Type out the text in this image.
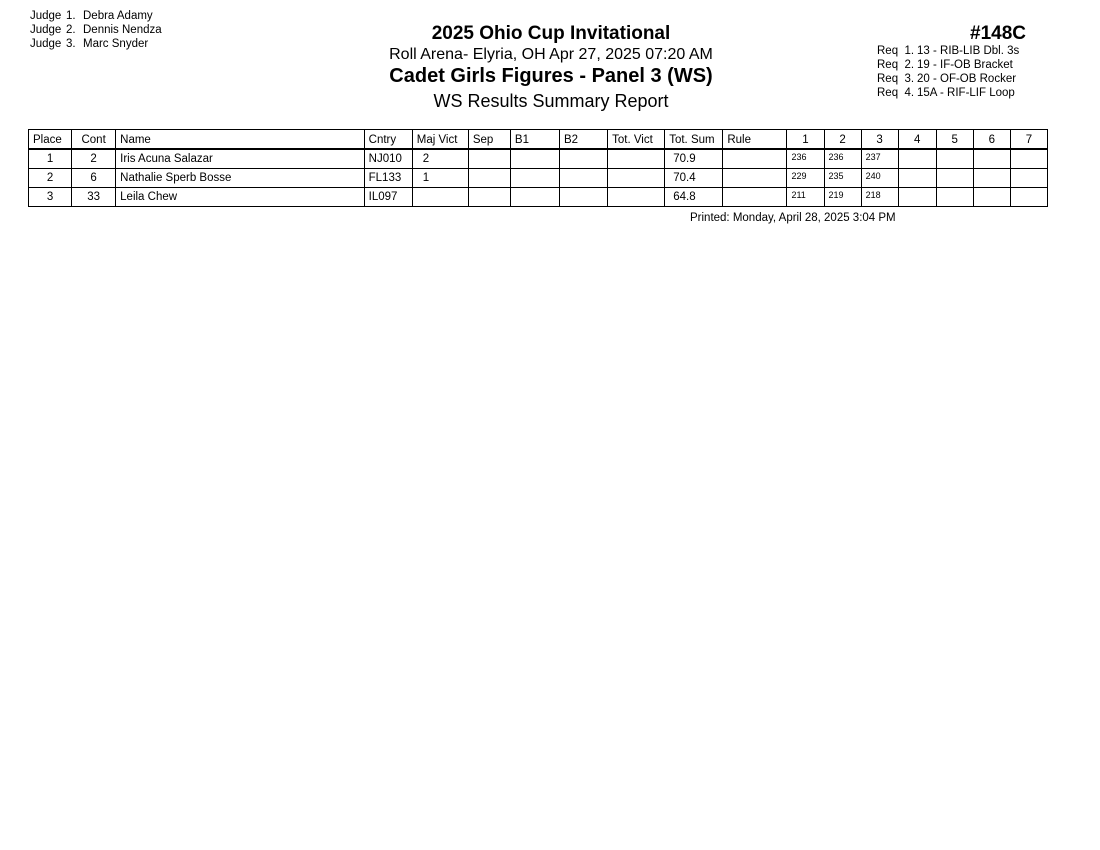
Judge 1. Debra Adamy
Judge 2. Dennis Nendza
Judge 3. Marc Snyder	2025 Ohio Cup Invitational
Roll Arena- Elyria, OH Apr 27, 2025 07:20 AM
Cadet Girls Figures - Panel 3 (WS)
WS Results Summary Report
#148C
Req 1. 13 - RIB-LIB Dbl. 3s
Req 2. 19 - IF-OB Bracket
Req 3. 20 - OF-OB Rocker
Req 4. 15A - RIF-LIF Loop
Place	Cont	Name	Cntry	Maj Vict	Sep	B1	B2	Tot. Vict	Tot. Sum	Rule	1	2	3	4	5	6	7
1	2	Iris Acuna Salazar	NJ010	2					70.9		236	236	237				
2	6	Nathalie Sperb Bosse	FL133	1					70.4		229	235	240				
3	33	Leila Chew	IL097						64.8		211	219	218				
Printed: Monday, April 28, 2025 3:04 PM
